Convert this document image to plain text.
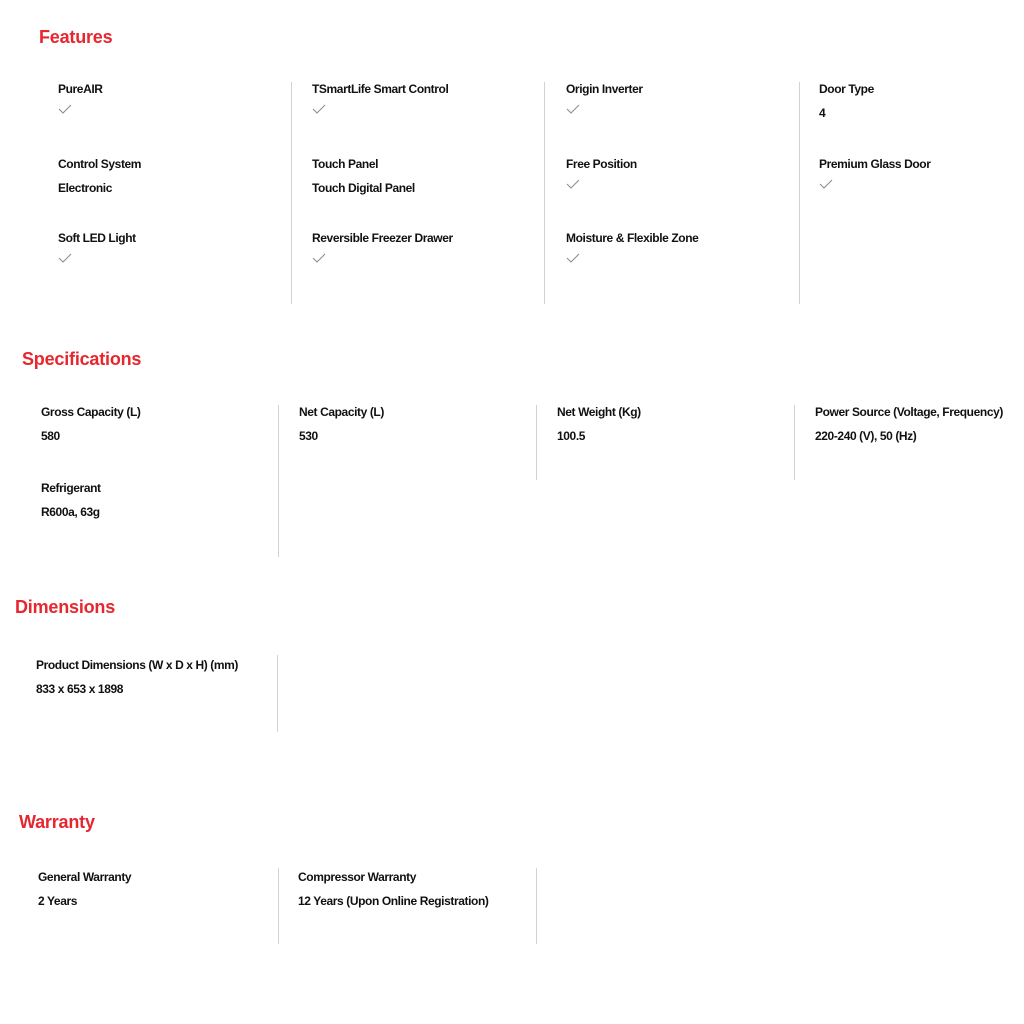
Features
PureAIR
Control System
Electronic
Soft LED Light
TSmartLife Smart Control
Touch Panel
Touch Digital Panel
Reversible Freezer Drawer
Origin Inverter
Free Position
Moisture & Flexible Zone
Door Type
4
Premium Glass Door
Specifications
Gross Capacity (L)
580
Net Capacity (L)
530
Net Weight (Kg)
100.5
Power Source (Voltage, Frequency)
220-240 (V), 50 (Hz)
Refrigerant
R600a, 63g
Dimensions
Product Dimensions (W x D x H) (mm)
833 x 653 x 1898
Warranty
General Warranty
2 Years
Compressor Warranty
12 Years (Upon Online Registration)
